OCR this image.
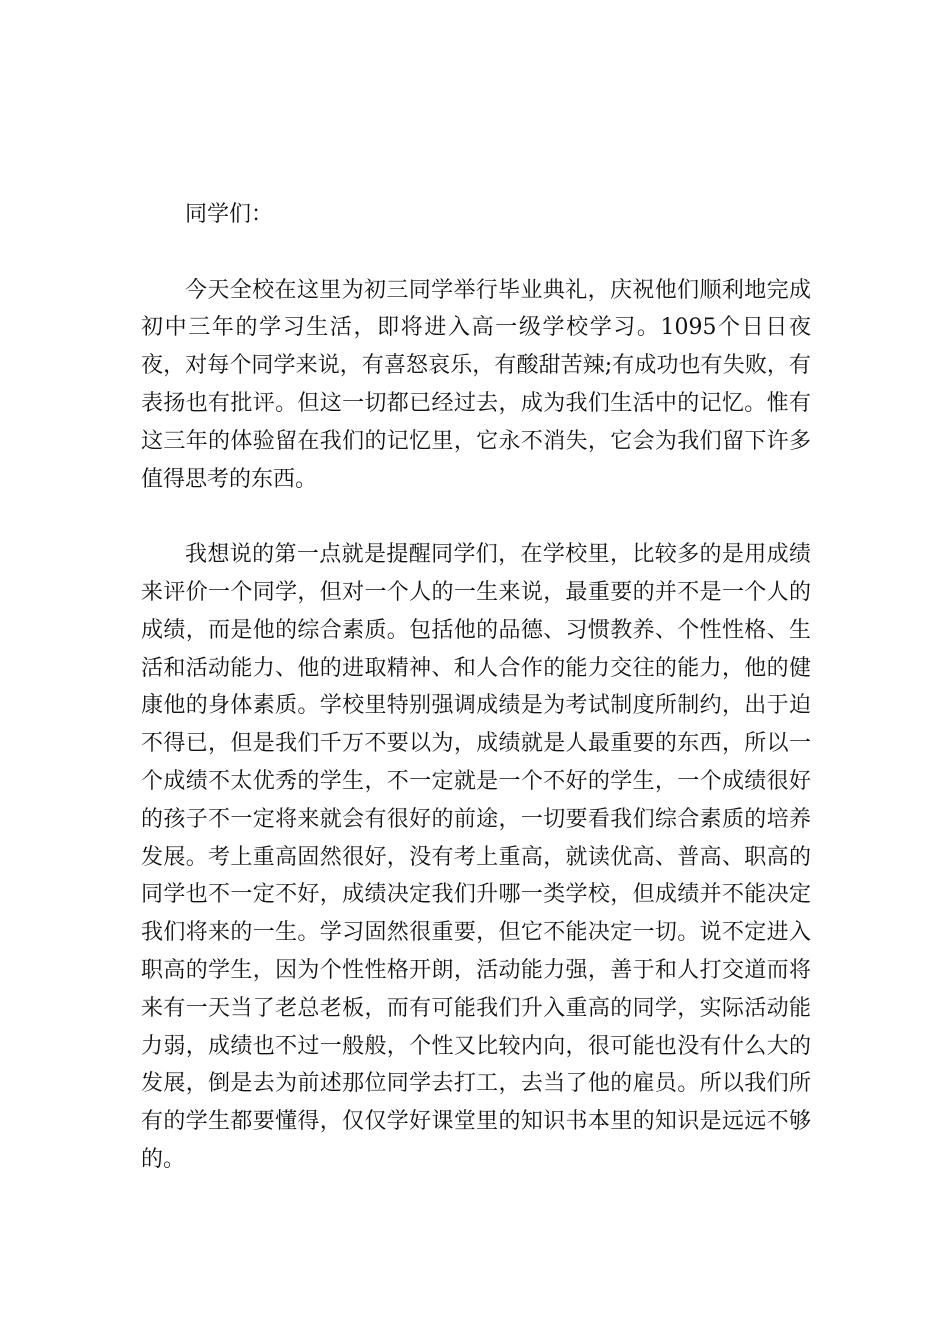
同学们：

今天全校在这里为初三同学举行毕业典礼，庆祝他们顺利地完成初中三年的学习生活，即将进入高一级学校学习。1095个日日夜夜，对每个同学来说，有喜怒哀乐，有酸甜苦辣;有成功也有失败，有表扬也有批评。但这一切都已经过去，成为我们生活中的记忆。惟有这三年的体验留在我们的记忆里，它永不消失，它会为我们留下许多值得思考的东西。

我想说的第一点就是提醒同学们，在学校里，比较多的是用成绩来评价一个同学，但对一个人的一生来说，最重要的并不是一个人的成绩，而是他的综合素质。包括他的品德、习惯教养、个性性格、生活和活动能力、他的进取精神、和人合作的能力交往的能力，他的健康他的身体素质。学校里特别强调成绩是为考试制度所制约，出于迫不得已，但是我们千万不要以为，成绩就是人最重要的东西，所以一个成绩不太优秀的学生，不一定就是一个不好的学生，一个成绩很好的孩子不一定将来就会有很好的前途，一切要看我们综合素质的培养发展。考上重高固然很好，没有考上重高，就读优高、普高、职高的同学也不一定不好，成绩决定我们升哪一类学校，但成绩并不能决定我们将来的一生。学习固然很重要，但它不能决定一切。说不定进入职高的学生，因为个性性格开朗，活动能力强，善于和人打交道而将来有一天当了老总老板，而有可能我们升入重高的同学，实际活动能力弱，成绩也不过一般般，个性又比较内向，很可能也没有什么大的发展，倒是去为前述那位同学去打工，去当了他的雇员。所以我们所有的学生都要懂得，仅仅学好课堂里的知识书本里的知识是远远不够的。
